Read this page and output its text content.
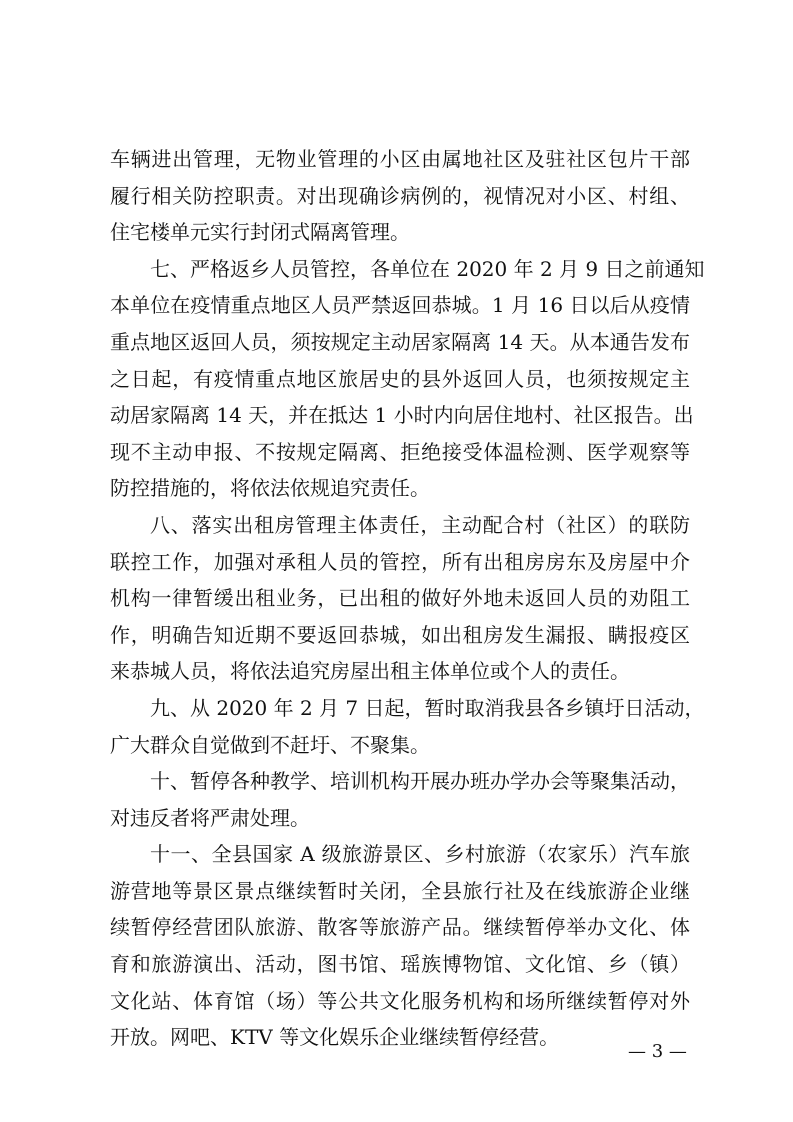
车辆进出管理，无物业管理的小区由属地社区及驻社区包片干部
履行相关防控职责。对出现确诊病例的，视情况对小区、村组、
住宅楼单元实行封闭式隔离管理。
七、严格返乡人员管控，各单位在 2020 年 2 月 9 日之前通知
本单位在疫情重点地区人员严禁返回恭城。1 月 16 日以后从疫情
重点地区返回人员，须按规定主动居家隔离 14 天。从本通告发布
之日起，有疫情重点地区旅居史的县外返回人员，也须按规定主
动居家隔离 14 天，并在抵达 1 小时内向居住地村、社区报告。出
现不主动申报、不按规定隔离、拒绝接受体温检测、医学观察等
防控措施的，将依法依规追究责任。
八、落实出租房管理主体责任，主动配合村（社区）的联防
联控工作，加强对承租人员的管控，所有出租房房东及房屋中介
机构一律暂缓出租业务，已出租的做好外地未返回人员的劝阻工
作，明确告知近期不要返回恭城，如出租房发生漏报、瞒报疫区
来恭城人员，将依法追究房屋出租主体单位或个人的责任。
九、从 2020 年 2 月 7 日起，暂时取消我县各乡镇圩日活动，
广大群众自觉做到不赶圩、不聚集。
十、暂停各种教学、培训机构开展办班办学办会等聚集活动，
对违反者将严肃处理。
十一、全县国家 A 级旅游景区、乡村旅游（农家乐）汽车旅
游营地等景区景点继续暂时关闭，全县旅行社及在线旅游企业继
续暂停经营团队旅游、散客等旅游产品。继续暂停举办文化、体
育和旅游演出、活动，图书馆、瑶族博物馆、文化馆、乡（镇）
文化站、体育馆（场）等公共文化服务机构和场所继续暂停对外
开放。网吧、KTV 等文化娱乐企业继续暂停经营。
— 3 —
